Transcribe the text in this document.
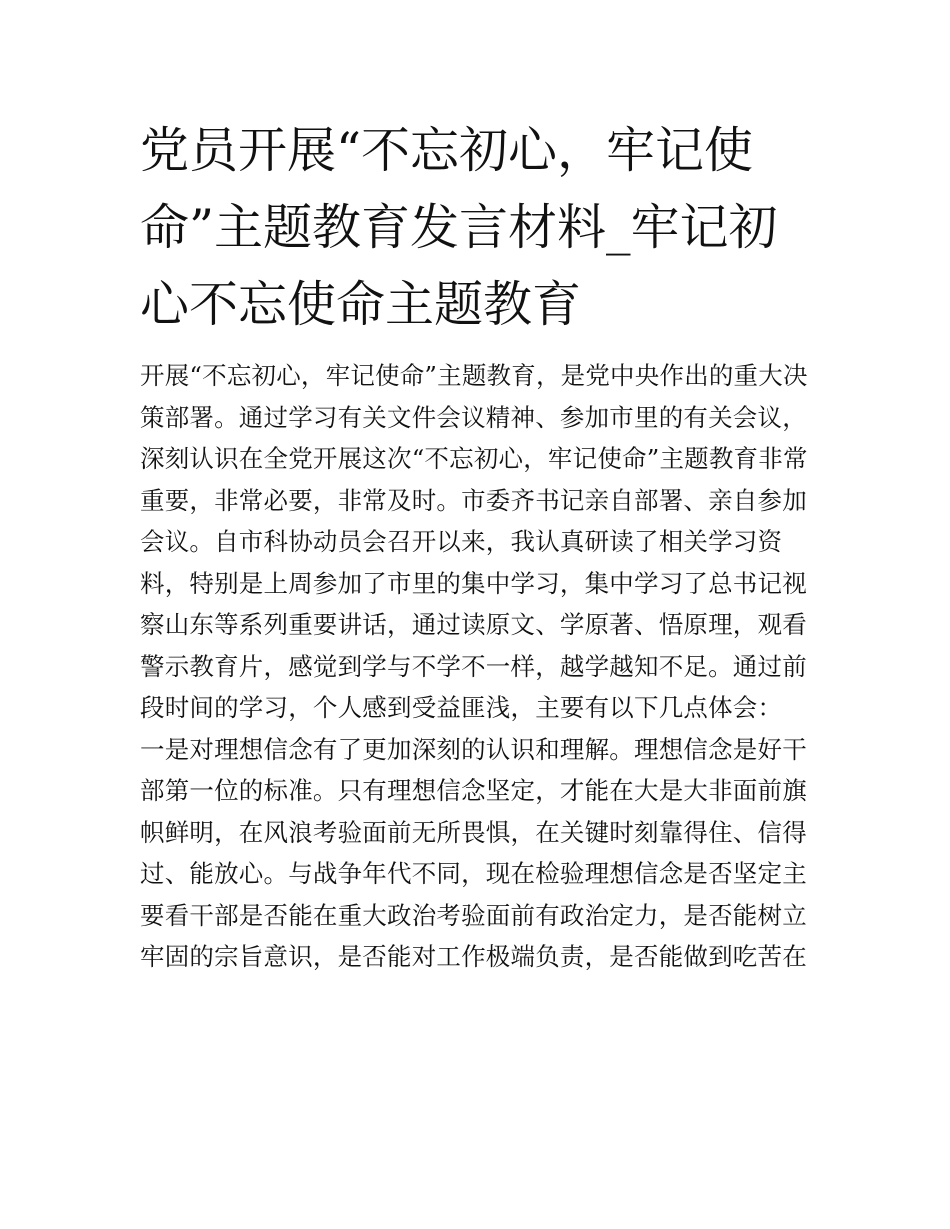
党员开展“不忘初心，牢记使
命”主题教育发言材料_牢记初
心不忘使命主题教育
开展“不忘初心，牢记使命”主题教育，是党中央作出的重大决
策部署。通过学习有关文件会议精神、参加市里的有关会议，
深刻认识在全党开展这次“不忘初心，牢记使命”主题教育非常
重要，非常必要，非常及时。市委齐书记亲自部署、亲自参加
会议。自市科协动员会召开以来，我认真研读了相关学习资
料，特别是上周参加了市里的集中学习，集中学习了总书记视
察山东等系列重要讲话，通过读原文、学原著、悟原理，观看
警示教育片，感觉到学与不学不一样，越学越知不足。通过前
段时间的学习，个人感到受益匪浅，主要有以下几点体会：
一是对理想信念有了更加深刻的认识和理解。理想信念是好干
部第一位的标准。只有理想信念坚定，才能在大是大非面前旗
帜鲜明，在风浪考验面前无所畏惧，在关键时刻靠得住、信得
过、能放心。与战争年代不同，现在检验理想信念是否坚定主
要看干部是否能在重大政治考验面前有政治定力，是否能树立
牢固的宗旨意识，是否能对工作极端负责，是否能做到吃苦在
